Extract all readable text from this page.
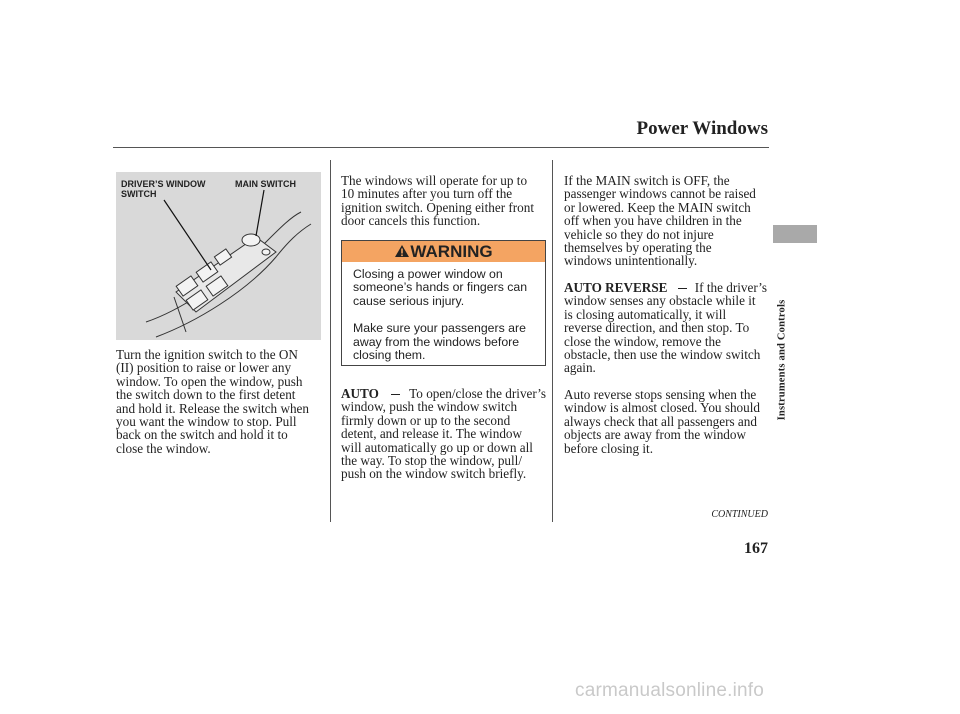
Power Windows
Instruments and Controls
DRIVER’S WINDOW
SWITCH
MAIN SWITCH
Turn the ignition switch to the ON
(II) position to raise or lower any
window. To open the window, push
the switch down to the first detent
and hold it. Release the switch when
you want the window to stop. Pull
back on the switch and hold it to
close the window.
The windows will operate for up to
10 minutes after you turn off the
ignition switch. Opening either front
door cancels this function.
WARNING

Closing a power window on
someone’s hands or fingers can
cause serious injury.

Make sure your passengers are
away from the windows before
closing them.

AUTO To open/close the driver’s
window, push the window switch
firmly down or up to the second
detent, and release it. The window
will automatically go up or down all
the way. To stop the window, pull/
push on the window switch briefly.
If the MAIN switch is OFF, the
passenger windows cannot be raised
or lowered. Keep the MAIN switch
off when you have children in the
vehicle so they do not injure
themselves by operating the
windows unintentionally.
AUTO REVERSE If the driver’s
window senses any obstacle while it
is closing automatically, it will
reverse direction, and then stop. To
close the window, remove the
obstacle, then use the window switch
again.
Auto reverse stops sensing when the
window is almost closed. You should
always check that all passengers and
objects are away from the window
before closing it.
CONTINUED
167
carmanualsonline.info
